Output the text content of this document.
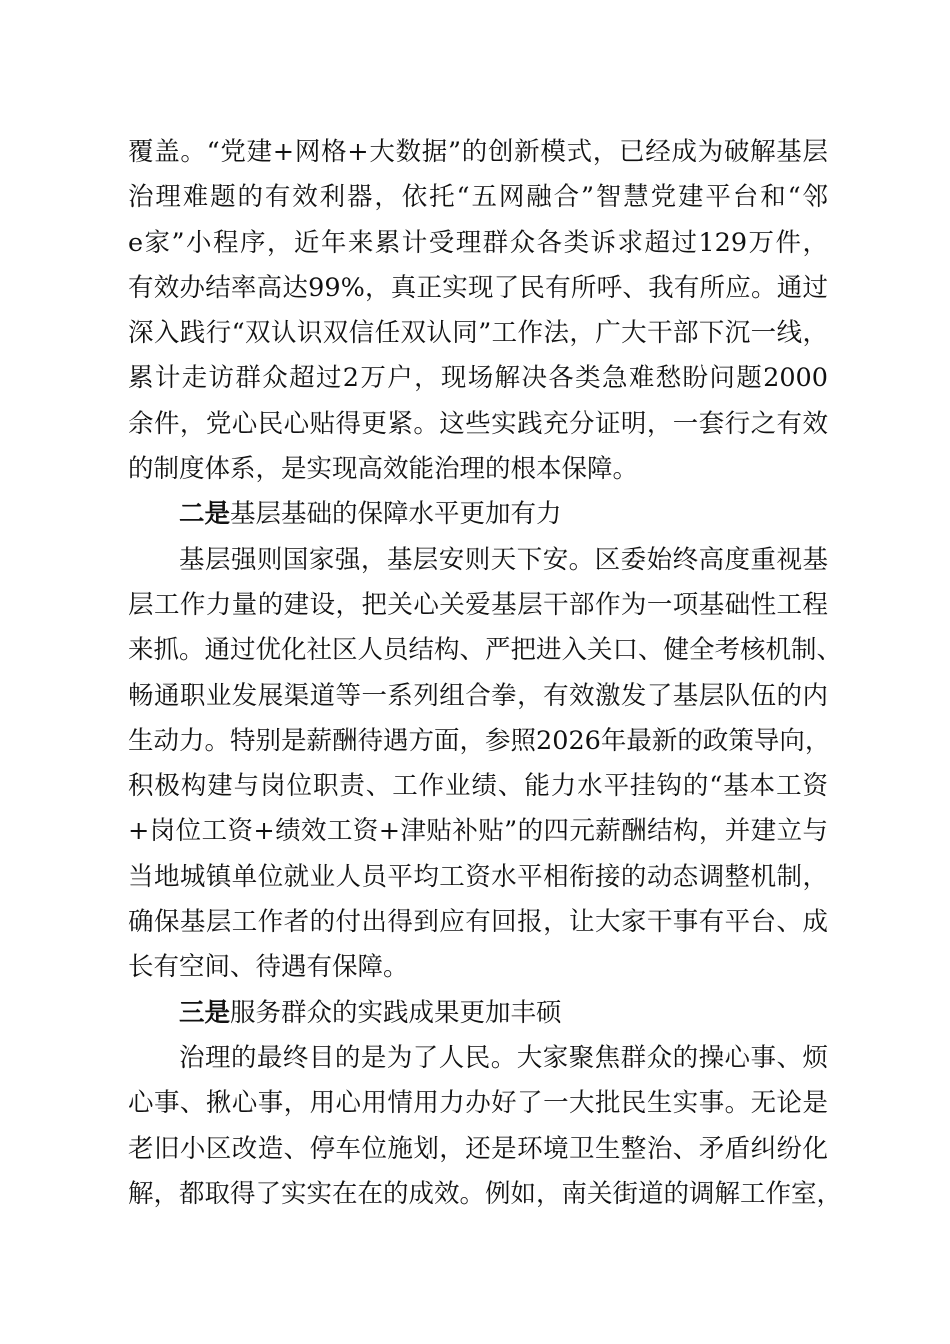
覆盖。“党建+网格+大数据”的创新模式，已经成为破解基层
治理难题的有效利器，依托“五网融合”智慧党建平台和“邻
e家”小程序，近年来累计受理群众各类诉求超过129万件，
有效办结率高达99%，真正实现了民有所呼、我有所应。通过
深入践行“双认识双信任双认同”工作法，广大干部下沉一线，
累计走访群众超过2万户，现场解决各类急难愁盼问题2000
余件，党心民心贴得更紧。这些实践充分证明，一套行之有效
的制度体系，是实现高效能治理的根本保障。
二是基层基础的保障水平更加有力
基层强则国家强，基层安则天下安。区委始终高度重视基
层工作力量的建设，把关心关爱基层干部作为一项基础性工程
来抓。通过优化社区人员结构、严把进入关口、健全考核机制、
畅通职业发展渠道等一系列组合拳，有效激发了基层队伍的内
生动力。特别是薪酬待遇方面，参照2026年最新的政策导向，
积极构建与岗位职责、工作业绩、能力水平挂钩的“基本工资
+岗位工资+绩效工资+津贴补贴”的四元薪酬结构，并建立与
当地城镇单位就业人员平均工资水平相衔接的动态调整机制，
确保基层工作者的付出得到应有回报，让大家干事有平台、成
长有空间、待遇有保障。
三是服务群众的实践成果更加丰硕
治理的最终目的是为了人民。大家聚焦群众的操心事、烦
心事、揪心事，用心用情用力办好了一大批民生实事。无论是
老旧小区改造、停车位施划，还是环境卫生整治、矛盾纠纷化
解，都取得了实实在在的成效。例如，南关街道的调解工作室，
